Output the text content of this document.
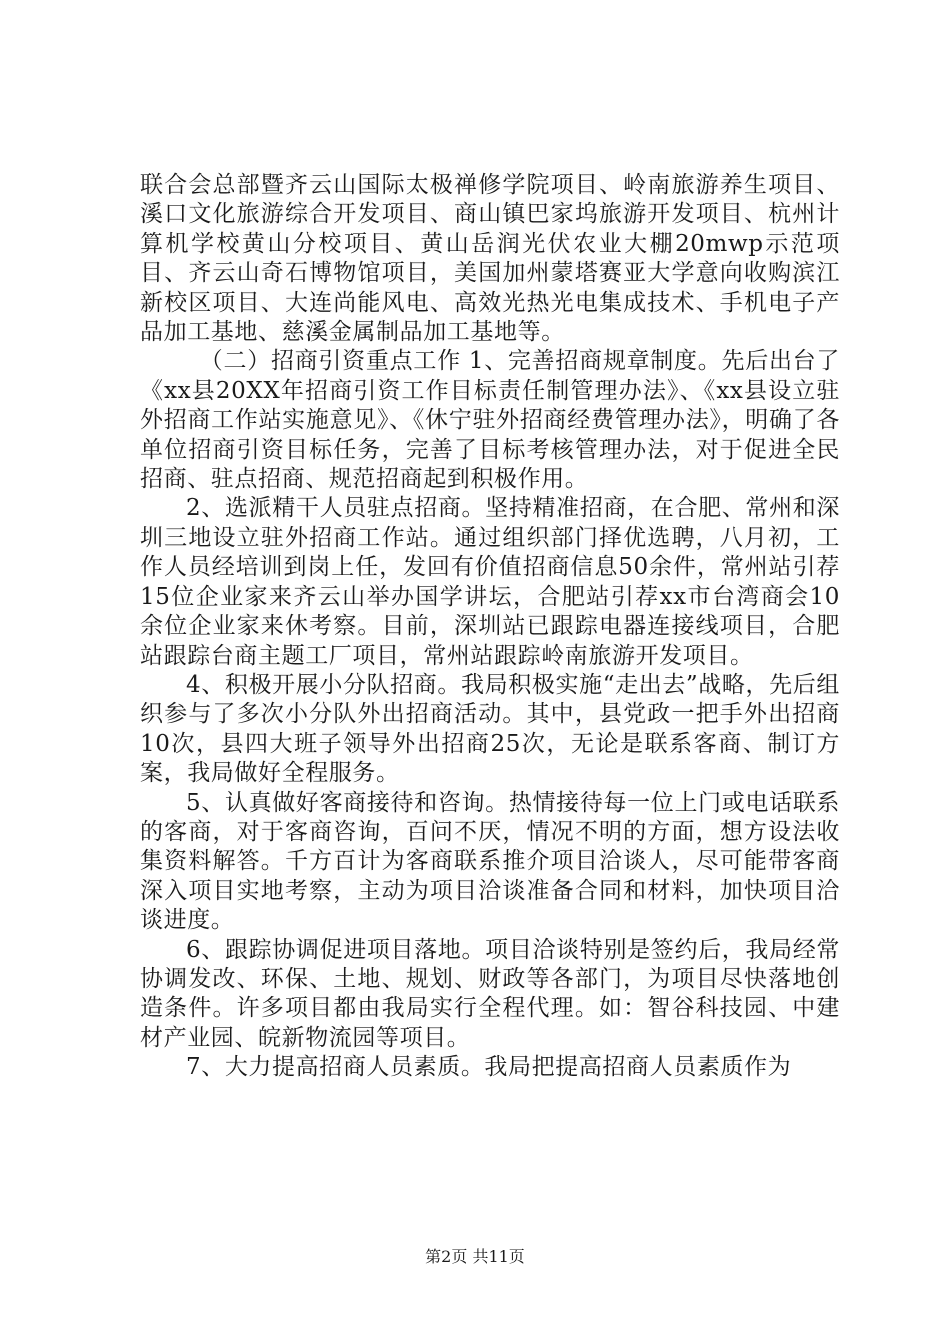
联合会总部暨齐云山国际太极禅修学院项目、岭南旅游养生项目、溪口文化旅游综合开发项目、商山镇巴家坞旅游开发项目、杭州计算机学校黄山分校项目、黄山岳润光伏农业大棚20mwp示范项目、齐云山奇石博物馆项目，美国加州蒙塔赛亚大学意向收购滨江新校区项目、大连尚能风电、高效光热光电集成技术、手机电子产品加工基地、慈溪金属制品加工基地等。

（二）招商引资重点工作 1、完善招商规章制度。先后出台了《xx县20XX年招商引资工作目标责任制管理办法》、《xx县设立驻外招商工作站实施意见》、《休宁驻外招商经费管理办法》，明确了各单位招商引资目标任务，完善了目标考核管理办法，对于促进全民招商、驻点招商、规范招商起到积极作用。

2、选派精干人员驻点招商。坚持精准招商，在合肥、常州和深圳三地设立驻外招商工作站。通过组织部门择优选聘，八月初，工作人员经培训到岗上任，发回有价值招商信息50余件，常州站引荐15位企业家来齐云山举办国学讲坛，合肥站引荐xx市台湾商会10余位企业家来休考察。目前，深圳站已跟踪电器连接线项目，合肥站跟踪台商主题工厂项目，常州站跟踪岭南旅游开发项目。

4、积极开展小分队招商。我局积极实施“走出去”战略，先后组织参与了多次小分队外出招商活动。其中，县党政一把手外出招商10次，县四大班子领导外出招商25次，无论是联系客商、制订方案，我局做好全程服务。

5、认真做好客商接待和咨询。热情接待每一位上门或电话联系的客商，对于客商咨询，百问不厌，情况不明的方面，想方设法收集资料解答。千方百计为客商联系推介项目洽谈人，尽可能带客商深入项目实地考察，主动为项目洽谈准备合同和材料，加快项目洽谈进度。

6、跟踪协调促进项目落地。项目洽谈特别是签约后，我局经常协调发改、环保、土地、规划、财政等各部门，为项目尽快落地创造条件。许多项目都由我局实行全程代理。如：智谷科技园、中建材产业园、皖新物流园等项目。

7、大力提高招商人员素质。我局把提高招商人员素质作为

第2页 共11页
